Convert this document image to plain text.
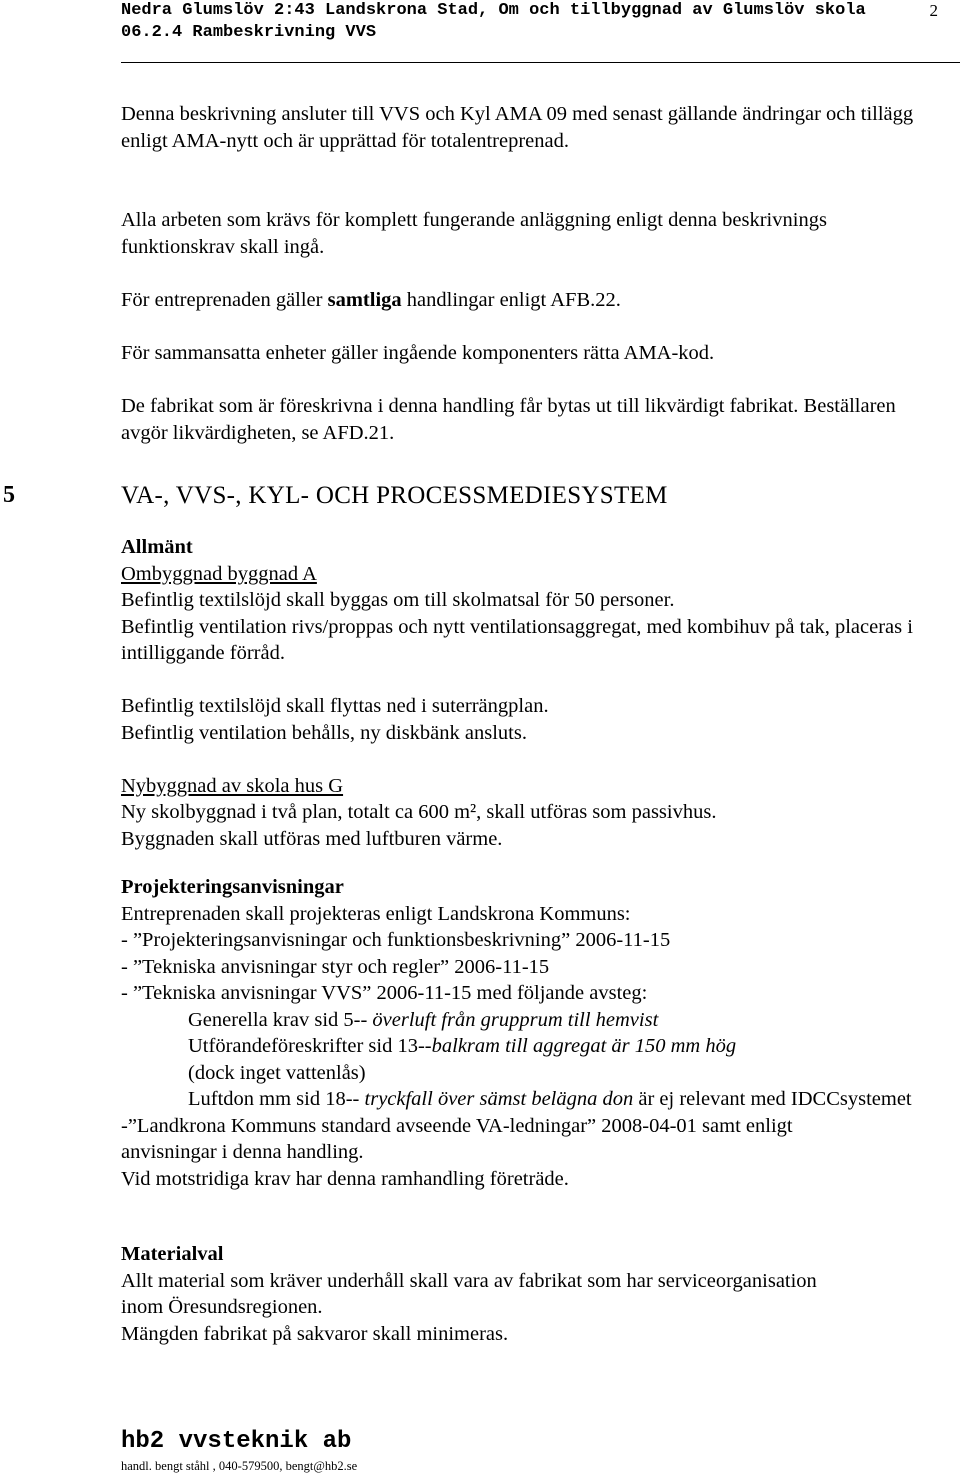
Nedra Glumslöv 2:43 Landskrona Stad, Om och tillbyggnad av Glumslöv skola
06.2.4 Rambeskrivning VVS
2
Denna beskrivning ansluter till VVS och Kyl AMA 09 med senast gällande ändringar och tillägg enligt AMA-nytt och är upprättad för totalentreprenad.
Alla arbeten som krävs för komplett fungerande anläggning enligt denna beskrivnings funktionskrav skall ingå.
För entreprenaden gäller samtliga handlingar enligt AFB.22.
För sammansatta enheter gäller ingående komponenters rätta AMA-kod.
De fabrikat som är föreskrivna i denna handling får bytas ut till likvärdigt fabrikat. Beställaren avgör likvärdigheten, se AFD.21.
5	VA-, VVS-, KYL- OCH PROCESSMEDIESYSTEM

Allmänt

Ombyggnad byggnad A

Befintlig textilslöjd skall byggas om till skolmatsal för 50 personer.

Befintlig ventilation rivs/proppas och nytt ventilationsaggregat, med kombihuv på tak, placeras i intilliggande förråd.

Befintlig textilslöjd skall flyttas ned i suterrängplan.

Befintlig ventilation behålls, ny diskbänk ansluts.

Nybyggnad av skola hus G

Ny skolbyggnad i två plan, totalt ca 600 m², skall utföras som passivhus.

Byggnaden skall utföras med luftburen värme.

Projekteringsanvisningar

Entreprenaden skall projekteras enligt Landskrona Kommuns:

- ”Projekteringsanvisningar och funktionsbeskrivning” 2006-11-15

- ”Tekniska anvisningar styr och regler” 2006-11-15

- ”Tekniska anvisningar VVS” 2006-11-15 med följande avsteg:

Generella krav sid 5-- överluft från grupprum till hemvist

Utförandeföreskrifter sid 13--balkram till aggregat är 150 mm hög
(dock inget vattenlås)

Luftdon mm sid 18-- tryckfall över sämst belägna don är ej relevant med IDCCsystemet

-”Landkrona Kommuns standard avseende VA-ledningar” 2008-04-01 samt enligt anvisningar i denna handling.

Vid motstridiga krav har denna ramhandling företräde.

Materialval

Allt material som kräver underhåll skall vara av fabrikat som har serviceorganisation inom Öresundsregionen.

Mängden fabrikat på sakvaror skall minimeras.

hb2 vvsteknik ab
handl. bengt ståhl , 040-579500, bengt@hb2.se
